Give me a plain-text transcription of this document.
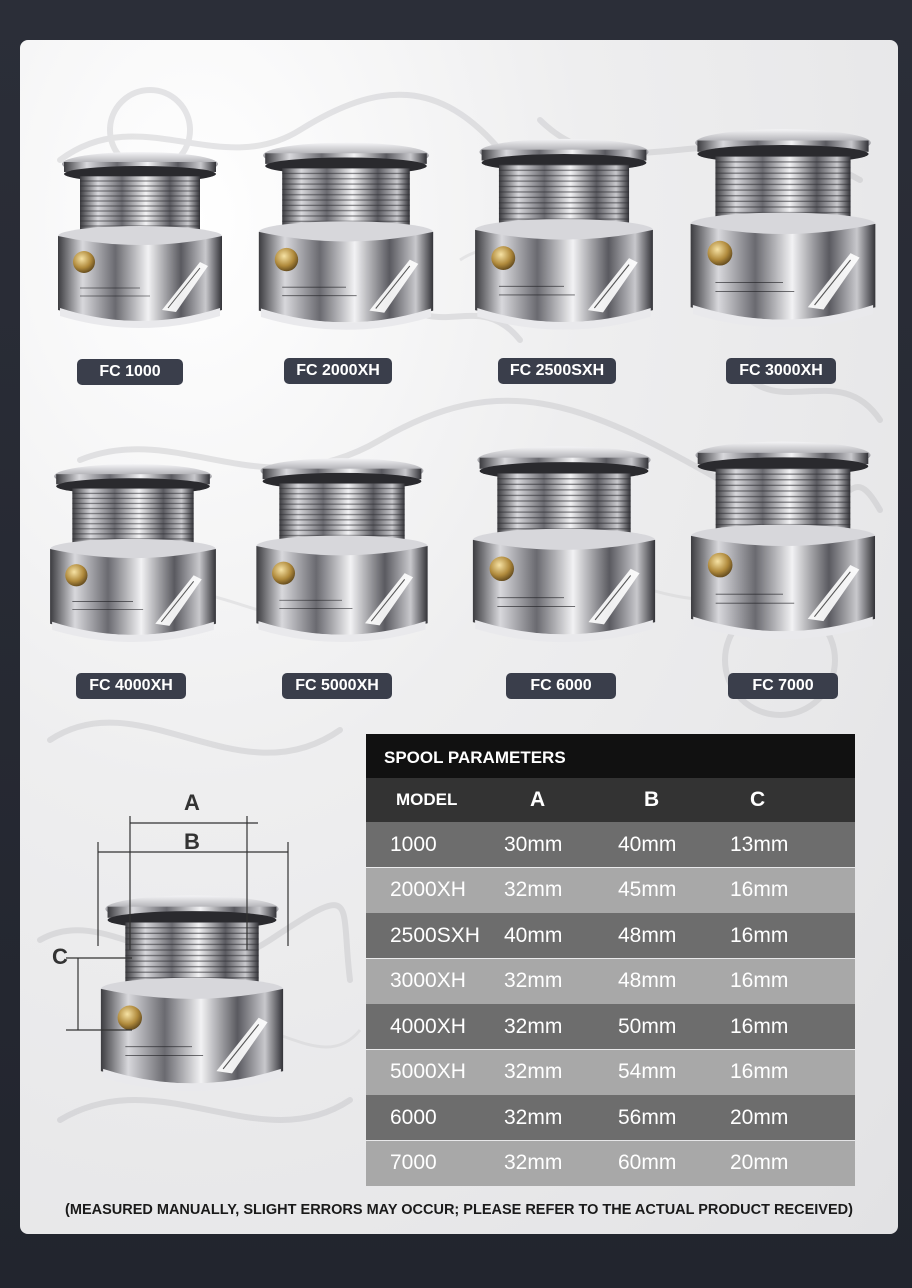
FC 1000	FC 2000XH	FC 2500SXH	FC 3000XH
FC 4000XH	FC 5000XH	FC 6000	FC 7000
A
B
C
SPOOL PARAMETERS
MODEL	A	B	C
1000	30mm	40mm	13mm
2000XH 32mm	45mm	16mm
2500SXH 40mm	48mm	16mm
3000XH 32mm	48mm	16mm
4000XH 32mm	50mm	16mm
5000XH 32mm	54mm	16mm
6000	32mm	56mm	20mm
7000	32mm	60mm	20mm
(MEASURED MANUALLY, SLIGHT ERRORS MAY OCCUR; PLEASE REFER TO THE ACTUAL PRODUCT RECEIVED)
